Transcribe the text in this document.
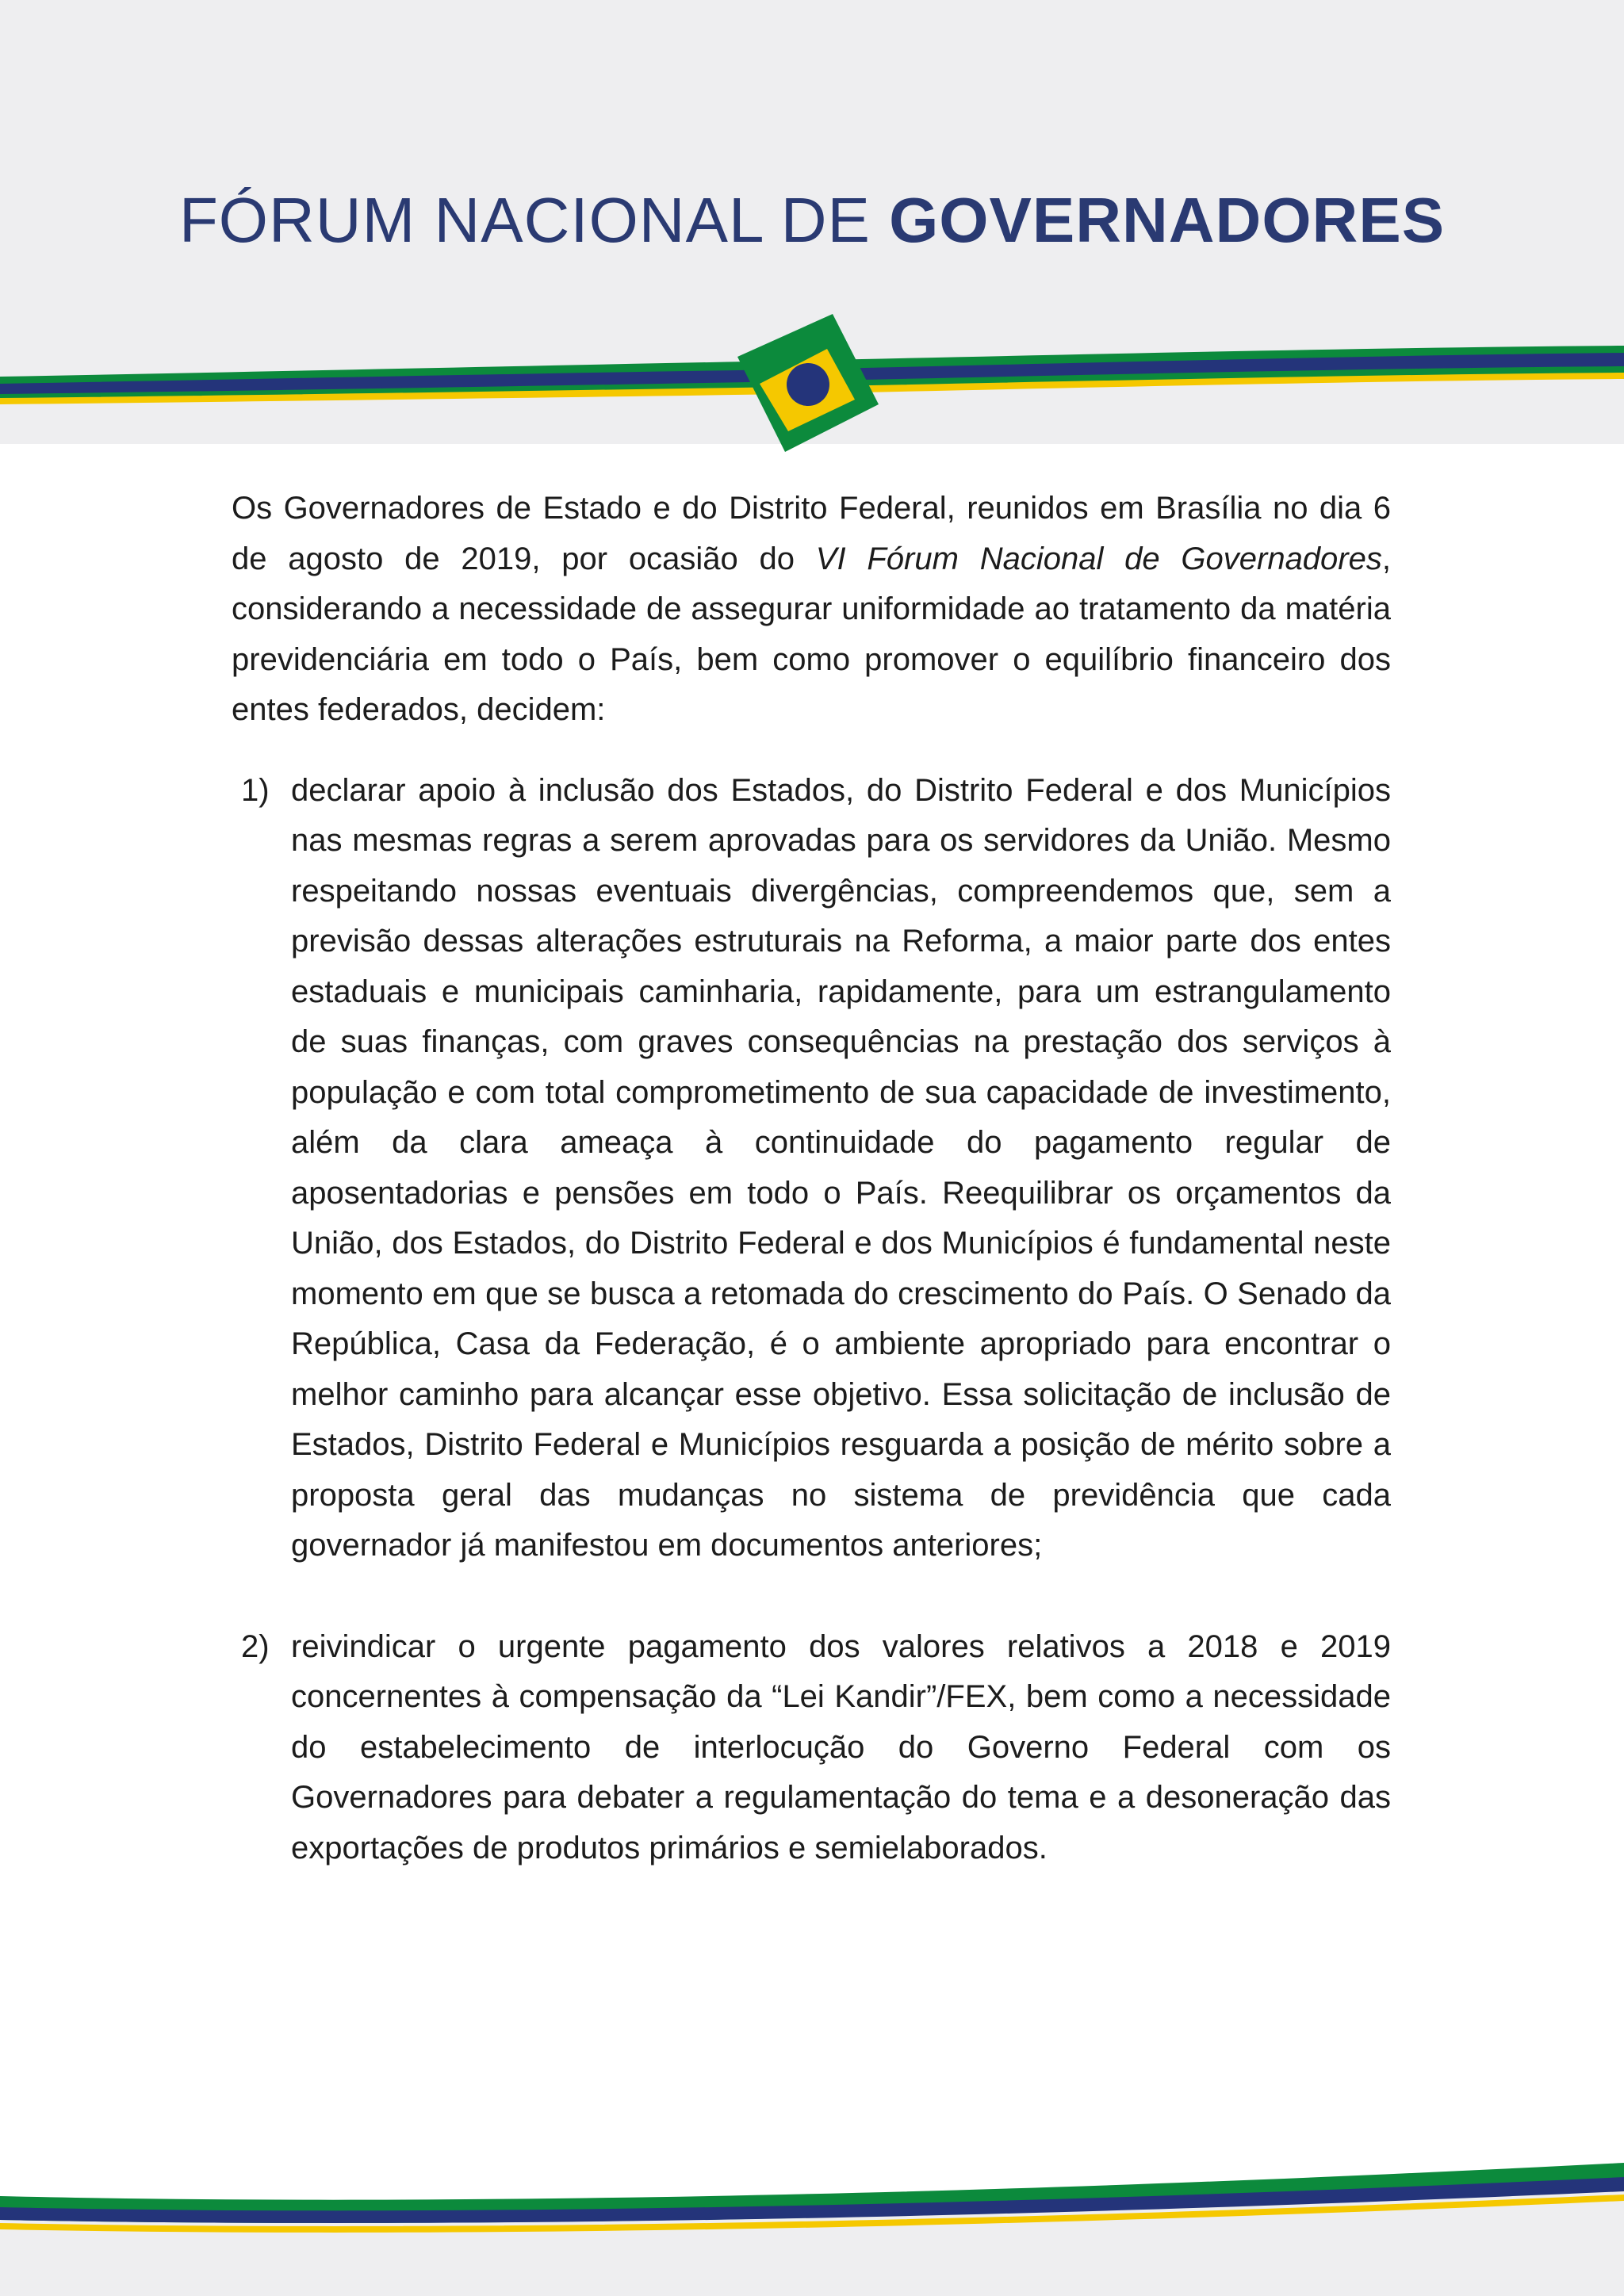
FÓRUM NACIONAL DE GOVERNADORES

Os Governadores de Estado e do Distrito Federal, reunidos em Brasília no dia 6 de agosto de 2019, por ocasião do VI Fórum Nacional de Governadores, considerando a necessidade de assegurar uniformidade ao tratamento da matéria previdenciária em todo o País, bem como promover o equilíbrio financeiro dos entes federados, decidem:

1) declarar apoio à inclusão dos Estados, do Distrito Federal e dos Municípios nas mesmas regras a serem aprovadas para os servidores da União. Mesmo respeitando nossas eventuais divergências, compreendemos que, sem a previsão dessas alterações estruturais na Reforma, a maior parte dos entes estaduais e municipais caminharia, rapidamente, para um estrangulamento de suas finanças, com graves consequências na prestação dos serviços à população e com total comprometimento de sua capacidade de investimento, além da clara ameaça à continuidade do pagamento regular de aposentadorias e pensões em todo o País. Reequilibrar os orçamentos da União, dos Estados, do Distrito Federal e dos Municípios é fundamental neste momento em que se busca a retomada do crescimento do País. O Senado da República, Casa da Federação, é o ambiente apropriado para encontrar o melhor caminho para alcançar esse objetivo. Essa solicitação de inclusão de Estados, Distrito Federal e Municípios resguarda a posição de mérito sobre a proposta geral das mudanças no sistema de previdência que cada governador já manifestou em documentos anteriores;
2) reivindicar o urgente pagamento dos valores relativos a 2018 e 2019 concernentes à compensação da “Lei Kandir”/FEX, bem como a necessidade do estabelecimento de interlocução do Governo Federal com os Governadores para debater a regulamentação do tema e a desoneração das exportações de produtos primários e semielaborados.
